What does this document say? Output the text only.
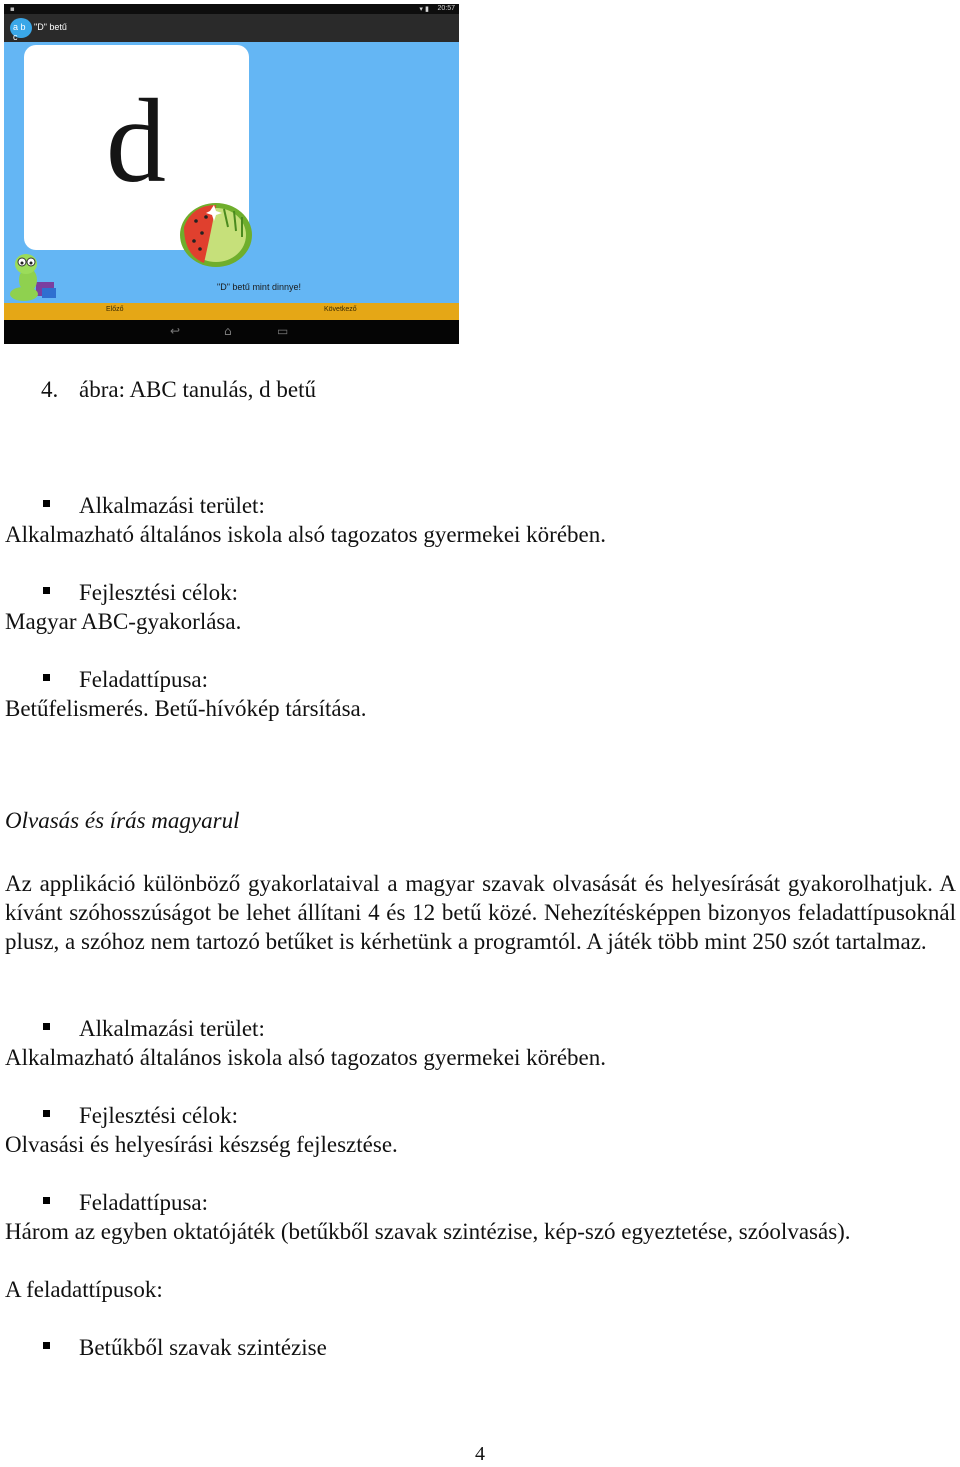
▪	▾ ▮ 20:57
a b c
"D" betű
d
"D" betű mint dinnye!
Előző	Következő
↩	⌂	▭
4. ábra: ABC tanulás, d betű
Alkalmazási terület:
Alkalmazható általános iskola alsó tagozatos gyermekei körében.
Fejlesztési célok:
Magyar ABC-gyakorlása.
Feladattípusa:
Betűfelismerés. Betű-hívókép társítása.
Olvasás és írás magyarul
Az applikáció különböző gyakorlataival a magyar szavak olvasását és helyesírását gyakorolhatjuk. A kívánt szóhosszúságot be lehet állítani 4 és 12 betű közé. Nehezítésképpen bizonyos feladattípusoknál plusz, a szóhoz nem tartozó betűket is kérhetünk a programtól. A játék több mint 250 szót tartalmaz.
Alkalmazási terület:
Alkalmazható általános iskola alsó tagozatos gyermekei körében.
Fejlesztési célok:
Olvasási és helyesírási készség fejlesztése.
Feladattípusa:
Három az egyben oktatójáték (betűkből szavak szintézise, kép-szó egyeztetése, szóolvasás).
A feladattípusok:
Betűkből szavak szintézise
4
